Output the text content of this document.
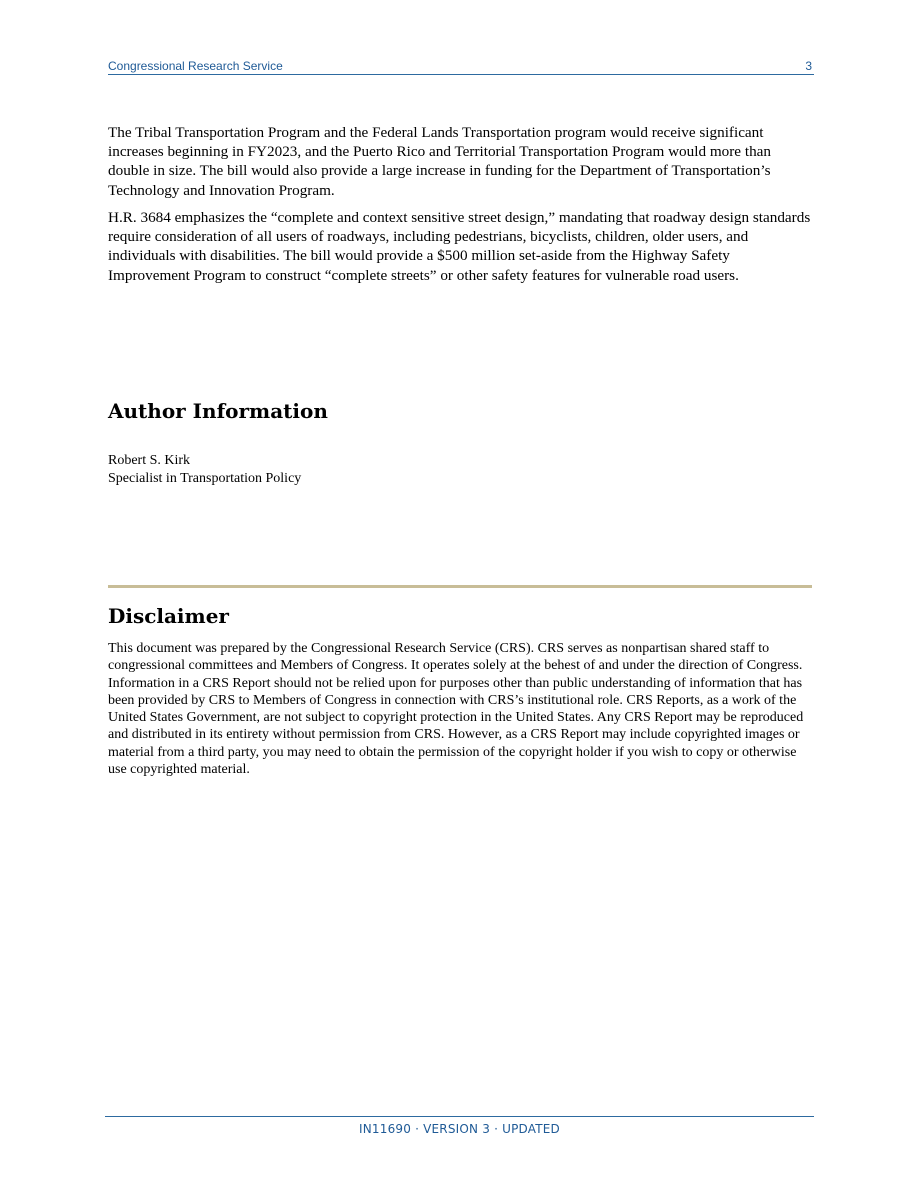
Congressional Research Service	3

The Tribal Transportation Program and the Federal Lands Transportation program would receive significant increases beginning in FY2023, and the Puerto Rico and Territorial Transportation Program would more than double in size. The bill would also provide a large increase in funding for the Department of Transportation’s Technology and Innovation Program.

H.R. 3684 emphasizes the “complete and context sensitive street design,” mandating that roadway design standards require consideration of all users of roadways, including pedestrians, bicyclists, children, older users, and individuals with disabilities. The bill would provide a $500 million set-aside from the Highway Safety Improvement Program to construct “complete streets” or other safety features for vulnerable road users.

Author Information
Robert S. Kirk
Specialist in Transportation Policy
Disclaimer
This document was prepared by the Congressional Research Service (CRS). CRS serves as nonpartisan shared staff to congressional committees and Members of Congress. It operates solely at the behest of and under the direction of Congress. Information in a CRS Report should not be relied upon for purposes other than public understanding of information that has been provided by CRS to Members of Congress in connection with CRS’s institutional role. CRS Reports, as a work of the United States Government, are not subject to copyright protection in the United States. Any CRS Report may be reproduced and distributed in its entirety without permission from CRS. However, as a CRS Report may include copyrighted images or material from a third party, you may need to obtain the permission of the copyright holder if you wish to copy or otherwise use copyrighted material.
IN11690 · VERSION 3 · UPDATED
